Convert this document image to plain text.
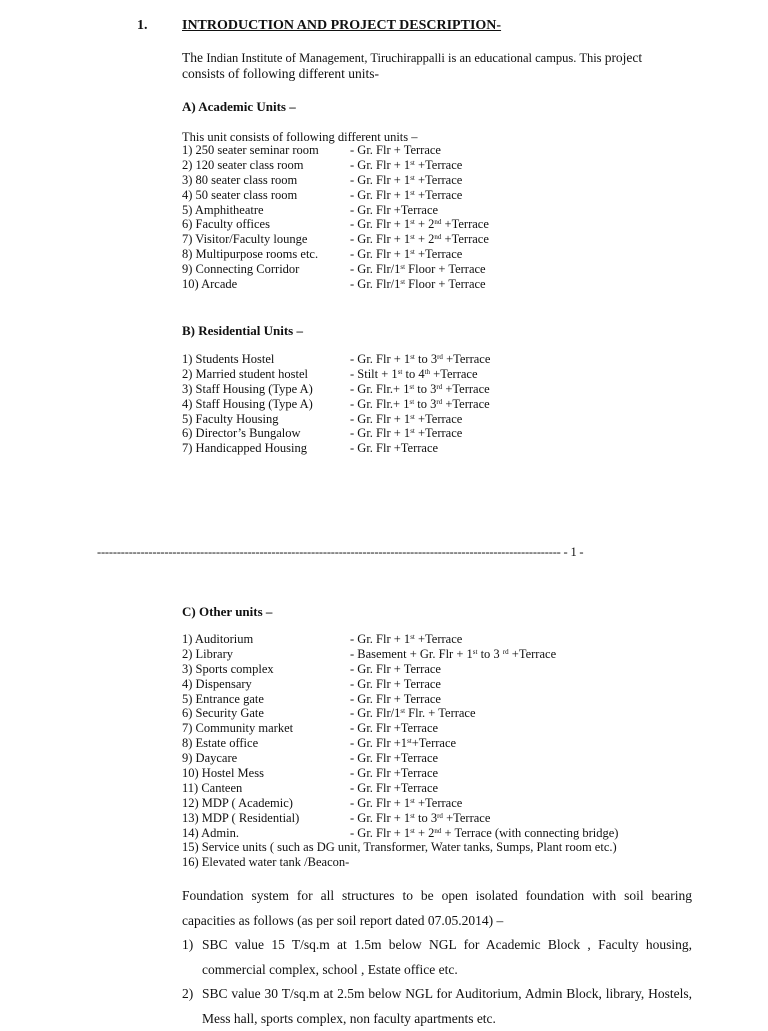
1. INTRODUCTION AND PROJECT DESCRIPTION-
The Indian Institute of Management, Tiruchirappalli is an educational campus. This project consists of following different units-
A) Academic Units –
This unit consists of following different units –
1) 250 seater seminar room - Gr. Flr + Terrace
2) 120 seater class room	- Gr. Flr + 1st +Terrace
3) 80 seater class room	- Gr. Flr + 1st +Terrace
4) 50 seater class room	- Gr. Flr + 1st +Terrace
5) Amphitheatre	- Gr. Flr +Terrace
6) Faculty offices	- Gr. Flr + 1st + 2nd +Terrace
7) Visitor/Faculty lounge	- Gr. Flr + 1st + 2nd +Terrace
8) Multipurpose rooms etc.	- Gr. Flr + 1st +Terrace
9) Connecting Corridor	- Gr. Flr/1st Floor + Terrace
10) Arcade	- Gr. Flr/1st Floor + Terrace
B) Residential Units –
1) Students Hostel	- Gr. Flr + 1st to 3rd +Terrace
2) Married student hostel	- Stilt + 1st to 4th +Terrace
3) Staff Housing (Type A)	- Gr. Flr.+ 1st to 3rd +Terrace
4) Staff Housing (Type A)	- Gr. Flr.+ 1st to 3rd +Terrace
5) Faculty Housing	- Gr. Flr + 1st +Terrace
6) Director’s Bungalow	- Gr. Flr + 1st +Terrace
7) Handicapped Housing	- Gr. Flr +Terrace
--------------------------------------------------------------------------------------------------------------------- - 1 -
C) Other units –
1) Auditorium	- Gr. Flr + 1st +Terrace
2) Library	- Basement + Gr. Flr + 1st to 3 $^{rd}$ +Terrace
3) Sports complex	- Gr. Flr + Terrace
4) Dispensary	- Gr. Flr + Terrace
5) Entrance gate	- Gr. Flr + Terrace
6) Security Gate	- Gr. Flr/1st Flr. + Terrace
7) Community market	- Gr. Flr +Terrace
8) Estate office	- Gr. Flr +1st+Terrace
9) Daycare	- Gr. Flr +Terrace
10) Hostel Mess	- Gr. Flr +Terrace
11) Canteen	- Gr. Flr +Terrace
12) MDP ( Academic)	- Gr. Flr + 1st +Terrace
13) MDP ( Residential)	- Gr. Flr + 1st to 3rd +Terrace
14) Admin.	- Gr. Flr + 1st + 2nd + Terrace (with connecting bridge)
15) Service units ( such as DG unit, Transformer, Water tanks, Sumps, Plant room etc.)
16) Elevated water tank /Beacon-
Foundation system for all structures to be open isolated foundation with soil bearing capacities as follows (as per soil report dated 07.05.2014) –
1) SBC value 15 T/sq.m at 1.5m below NGL for Academic Block , Faculty housing, commercial complex, school , Estate office etc.
2) SBC value 30 T/sq.m at 2.5m below NGL for Auditorium, Admin Block, library, Hostels, Mess hall, sports complex, non faculty apartments etc.
